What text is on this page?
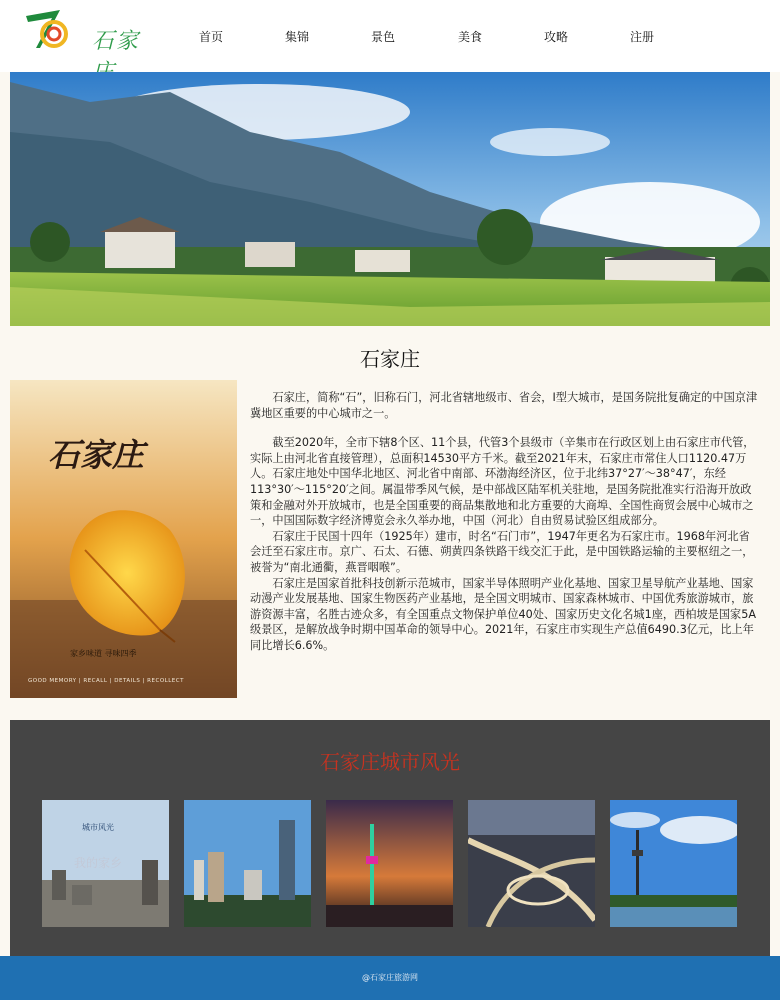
石家	首页	集锦	景色	美食	攻略	注册
石家庄
石家庄
家乡味道 寻味四季
GOOD MEMORY | RECALL | DETAILS | RECOLLECT

石家庄，简称“石”，旧称石门，河北省辖地级市、省会，Ⅰ型大城市，是国务院批复确定的中国京津冀地区重要的中心城市之一。

截至2020年，全市下辖8个区、11个县，代管3个县级市（辛集市在行政区划上由石家庄市代管，实际上由河北省直接管理），总面积14530平方千米。截至2021年末，石家庄市常住人口1120.47万人。石家庄地处中国华北地区、河北省中南部、环渤海经济区，位于北纬37°27′～38°47′，东经113°30′～115°20′之间。属温带季风气候，是中部战区陆军机关驻地，是国务院批准实行沿海开放政策和金融对外开放城市，也是全国重要的商品集散地和北方重要的大商埠、全国性商贸会展中心城市之一，中国国际数字经济博览会永久举办地，中国（河北）自由贸易试验区组成部分。

石家庄于民国十四年（1925年）建市，时名“石门市”，1947年更名为石家庄市。1968年河北省会迁至石家庄市。京广、石太、石德、朔黄四条铁路干线交汇于此，是中国铁路运输的主要枢纽之一，被誉为“南北通衢，燕晋咽喉”。

石家庄是国家首批科技创新示范城市，国家半导体照明产业化基地、国家卫星导航产业基地、国家动漫产业发展基地、国家生物医药产业基地，是全国文明城市、国家森林城市、中国优秀旅游城市，旅游资源丰富，名胜古迹众多，有全国重点文物保护单位40处、国家历史文化名城1座，西柏坡是国家5A级景区，是解放战争时期中国革命的领导中心。2021年，石家庄市实现生产总值6490.3亿元，比上年同比增长6.6%。

石家庄城市风光
城市风光
我的家乡
@石家庄旅游网
